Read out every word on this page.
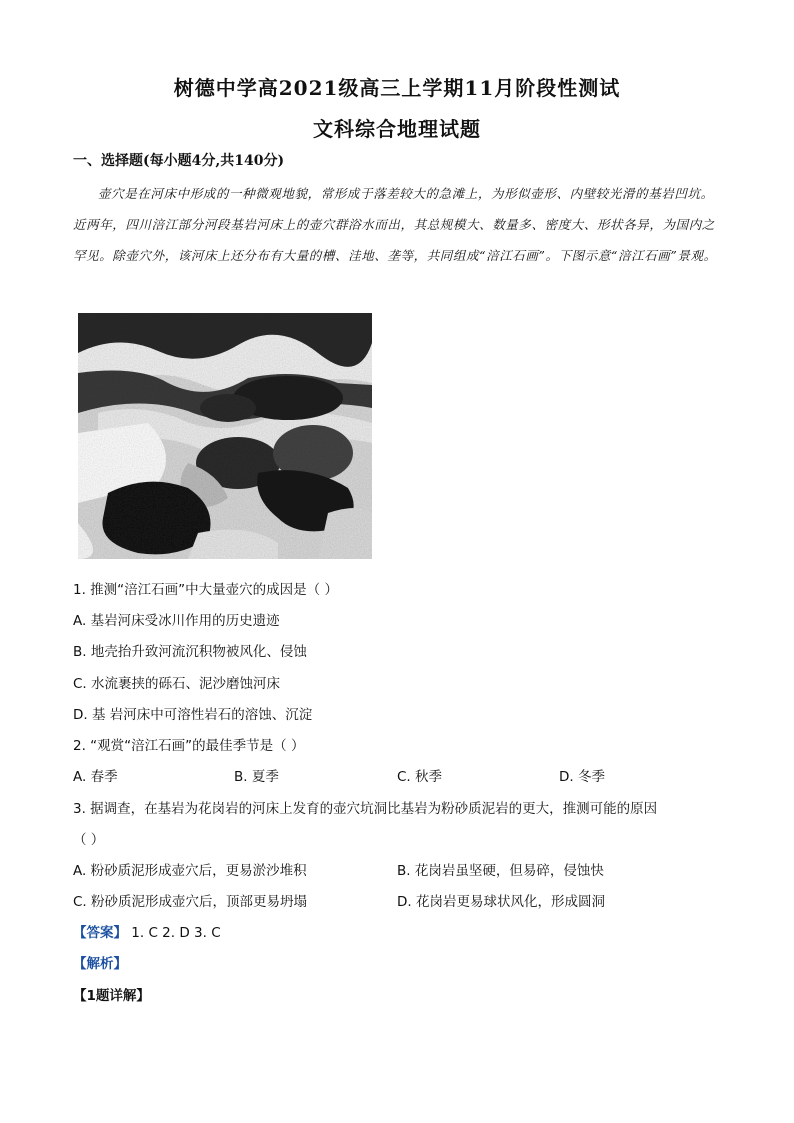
树德中学高2021级高三上学期11月阶段性测试
文科综合地理试题
一、选择题(每小题4分,共140分)
壶穴是在河床中形成的一种微观地貌，常形成于落差较大的急滩上，为形似壶形、内壁较光滑的基岩凹坑。近两年，四川涪江部分河段基岩河床上的壶穴群浴水而出，其总规模大、数量多、密度大、形状各异，为国内之罕见。除壶穴外，该河床上还分布有大量的槽、洼地、垄等，共同组成“涪江石画”。下图示意“涪江石画”景观。
1. 推测“涪江石画”中大量壶穴的成因是（ ）
A. 基岩河床受冰川作用的历史遗迹
B. 地壳抬升致河流沉积物被风化、侵蚀
C. 水流裹挟的砾石、泥沙磨蚀河床
D. 基 岩河床中可溶性岩石的溶蚀、沉淀
2. “观赏“涪江石画”的最佳季节是（ ）
A. 春季	B. 夏季	C. 秋季	D. 冬季
3. 据调查，在基岩为花岗岩的河床上发育的壶穴坑洞比基岩为粉砂质泥岩的更大，推测可能的原因
（ ）
A. 粉砂质泥形成壶穴后，更易淤沙堆积	B. 花岗岩虽坚硬，但易碎，侵蚀快
C. 粉砂质泥形成壶穴后，顶部更易坍塌	D. 花岗岩更易球状风化，形成圆洞
【答案】 1. C 2. D 3. C
【解析】
【1题详解】
